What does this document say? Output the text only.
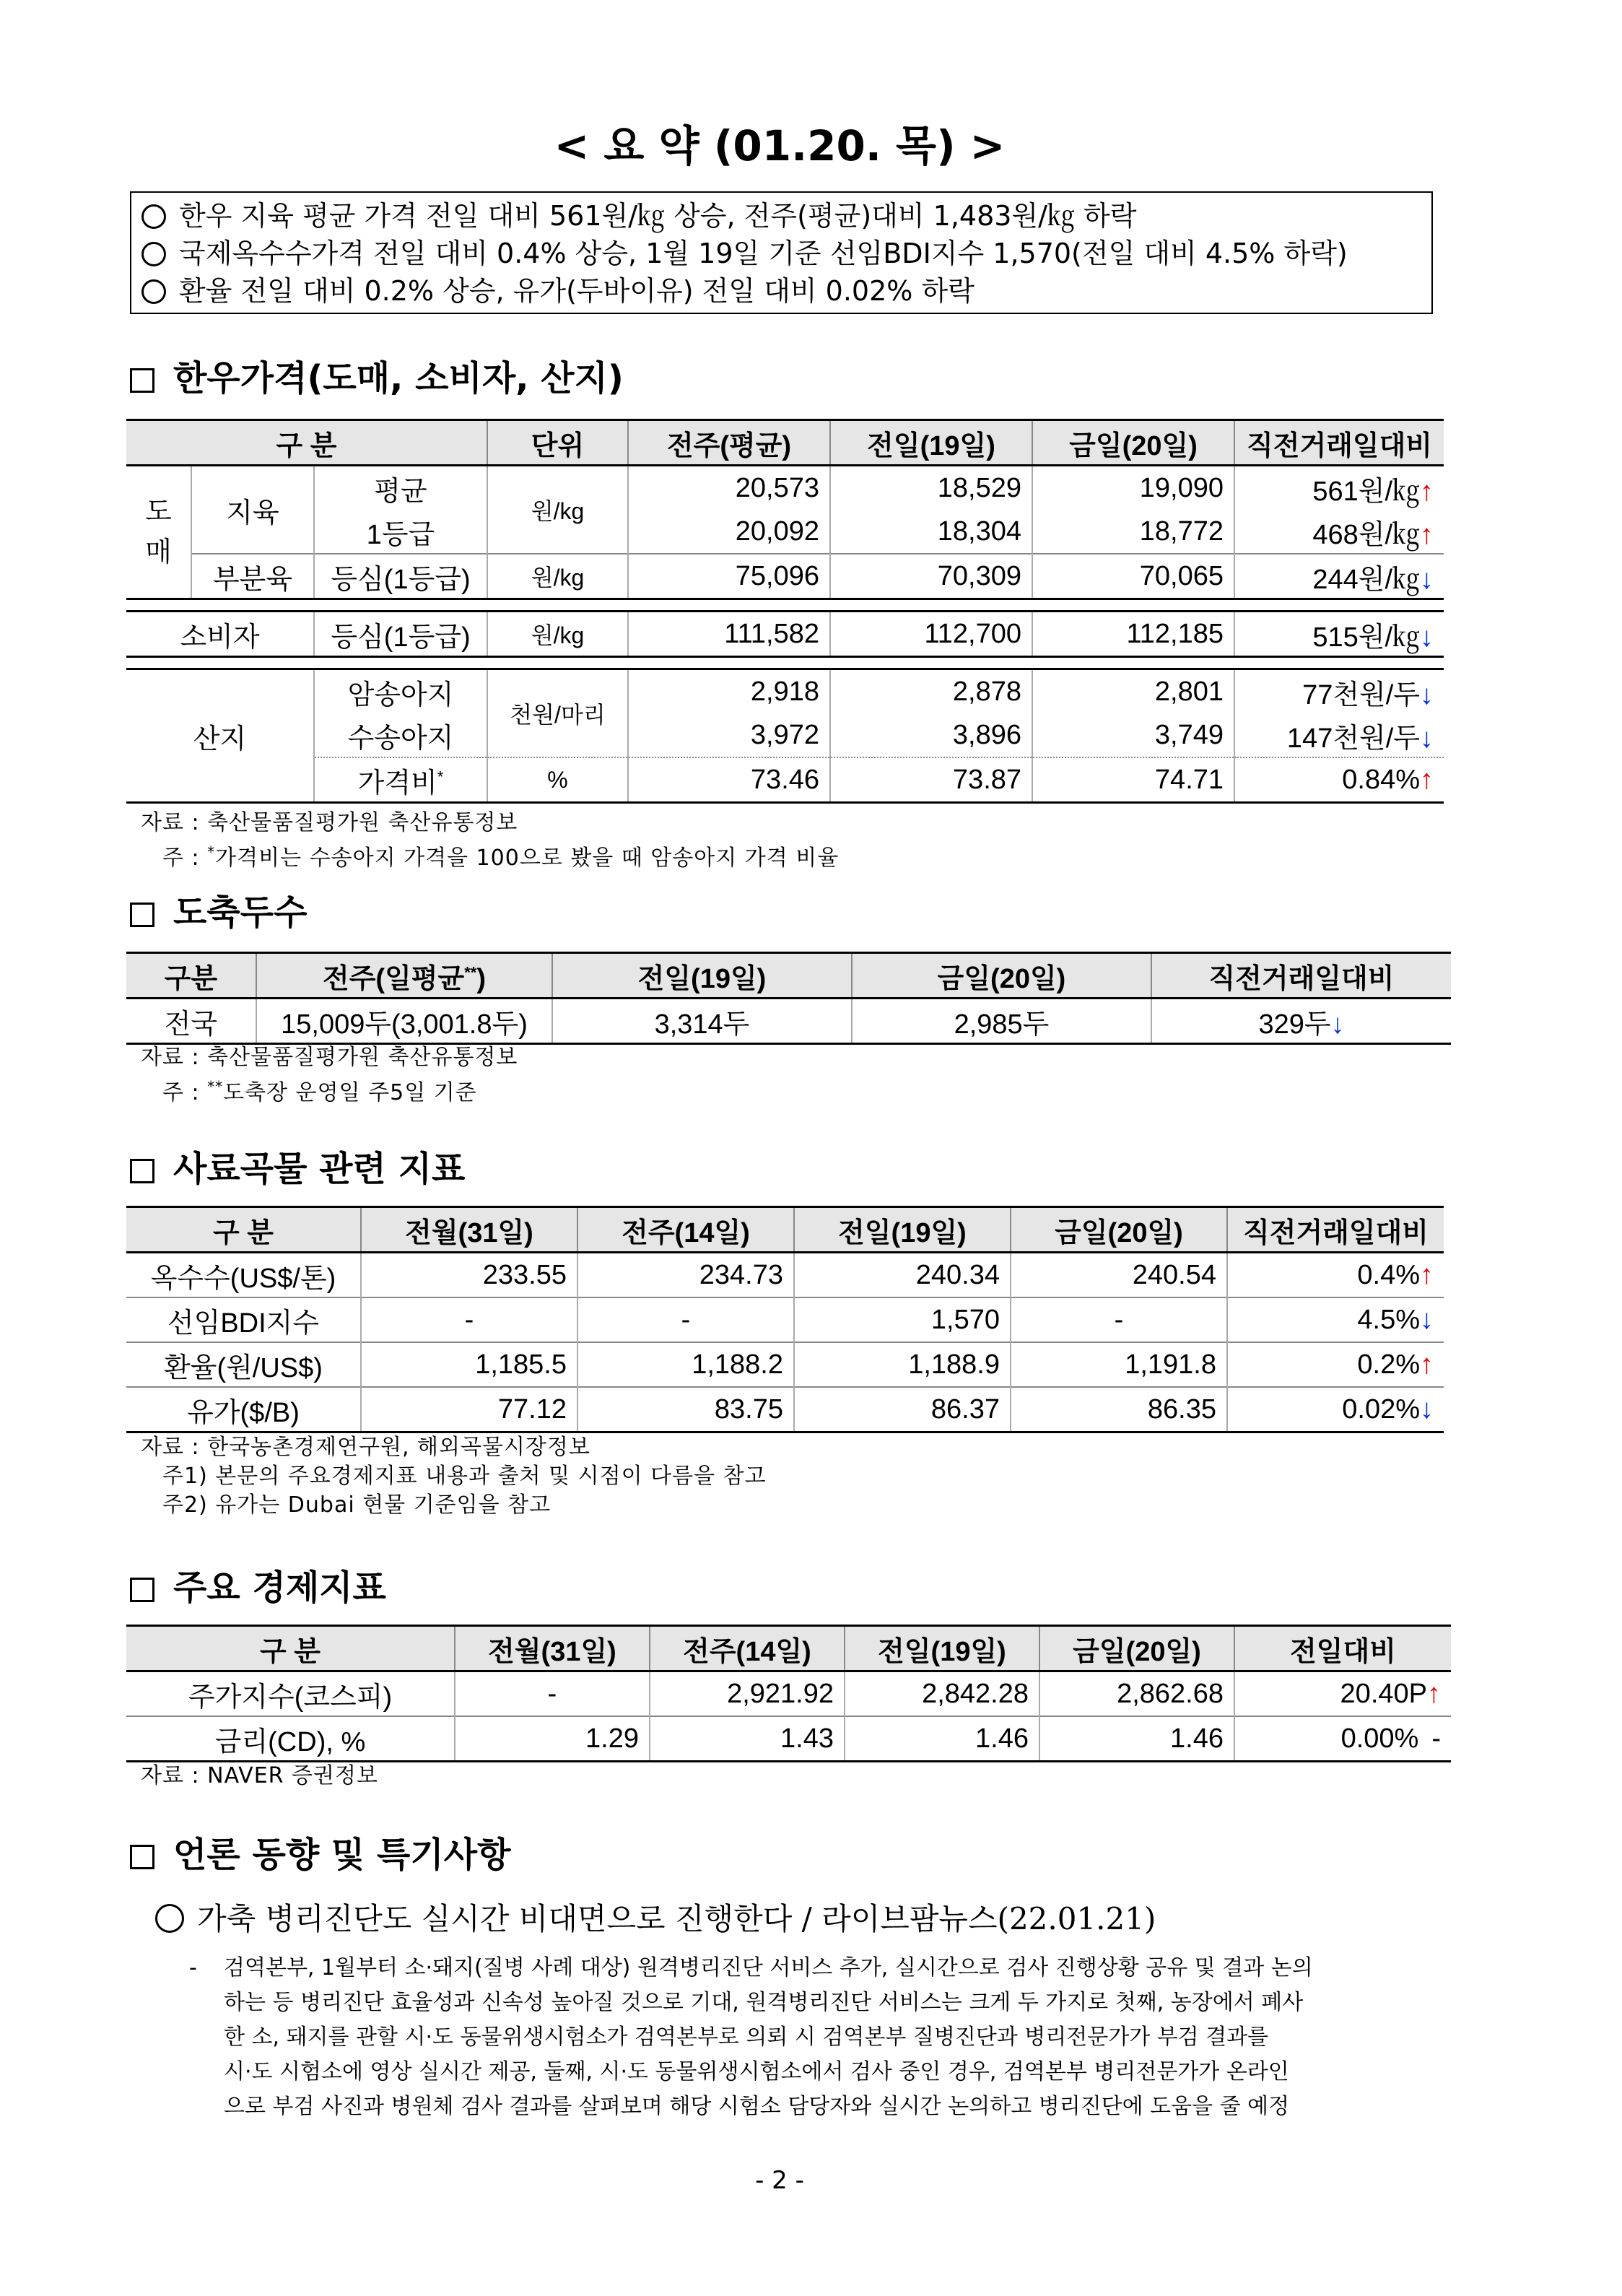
< 요 약 (01.20. 목) >
한우 지육 평균 가격 전일 대비 561원/㎏ 상승, 전주(평균)대비 1,483원/㎏ 하락
국제옥수수가격 전일 대비 0.4% 상승, 1월 19일 기준 선임BDI지수 1,570(전일 대비 4.5% 하락)
환율 전일 대비 0.2% 상승, 유가(두바이유) 전일 대비 0.02% 하락
한우가격(도매, 소비자, 산지)
구 분			단위	전주(평균)	전일(19일)	금일(20일)	직전거래일대비

도매	지육	평균	원/kg	20,573	18,529	19,090	561원/㎏↑
		1등급		20,092	18,304	18,772	468원/㎏↑
	부분육	등심(1등급)	원/kg	75,096	70,309	70,065	244원/㎏↓

소비자		등심(1등급)	원/kg	111,582	112,700	112,185	515원/㎏↓

산지		암송아지	천원/마리	2,918	2,878	2,801	77천원/두↓
		수송아지		3,972	3,896	3,749	147천원/두↓
		가격비*	%	73.46	73.87	74.71	0.84%↑
자료 : 축산물품질평가원 축산유통정보
주 : *가격비는 수송아지 가격을 100으로 봤을 때 암송아지 가격 비율
도축두수
구분	전주(일평균**)	전일(19일)	금일(20일)	직전거래일대비
전국	15,009두(3,001.8두)	3,314두	2,985두	329두↓
자료 : 축산물품질평가원 축산유통정보
주 : **도축장 운영일 주5일 기준
사료곡물 관련 지표
구 분	전월(31일)	전주(14일)	전일(19일)	금일(20일)	직전거래일대비
옥수수(US$/톤)	233.55	234.73	240.34	240.54	0.4%↑
선임BDI지수	-	-	1,570	-	4.5%↓
환율(원/US$)	1,185.5	1,188.2	1,188.9	1,191.8	0.2%↑
유가($/B)	77.12	83.75	86.37	86.35	0.02%↓
자료 : 한국농촌경제연구원, 해외곡물시장정보
주1) 본문의 주요경제지표 내용과 출처 및 시점이 다름을 참고
주2) 유가는 Dubai 현물 기준임을 참고
주요 경제지표
구 분	전월(31일)	전주(14일)	전일(19일)	금일(20일)	전일대비
주가지수(코스피)	-	2,921.92	2,842.28	2,862.68	20.40P↑
금리(CD), %	1.29	1.43	1.46	1.46	0.00% -
자료 : NAVER 증권정보
언론 동향 및 특기사항
가축 병리진단도 실시간 비대면으로 진행한다 / 라이브팜뉴스(22.01.21)
- 검역본부, 1월부터 소·돼지(질병 사례 대상) 원격병리진단 서비스 추가, 실시간으로 검사 진행상황 공유 및 결과 논의
하는 등 병리진단 효율성과 신속성 높아질 것으로 기대, 원격병리진단 서비스는 크게 두 가지로 첫째, 농장에서 폐사
한 소, 돼지를 관할 시·도 동물위생시험소가 검역본부로 의뢰 시 검역본부 질병진단과 병리전문가가 부검 결과를
시·도 시험소에 영상 실시간 제공, 둘째, 시·도 동물위생시험소에서 검사 중인 경우, 검역본부 병리전문가가 온라인
으로 부검 사진과 병원체 검사 결과를 살펴보며 해당 시험소 담당자와 실시간 논의하고 병리진단에 도움을 줄 예정
- 2 -
